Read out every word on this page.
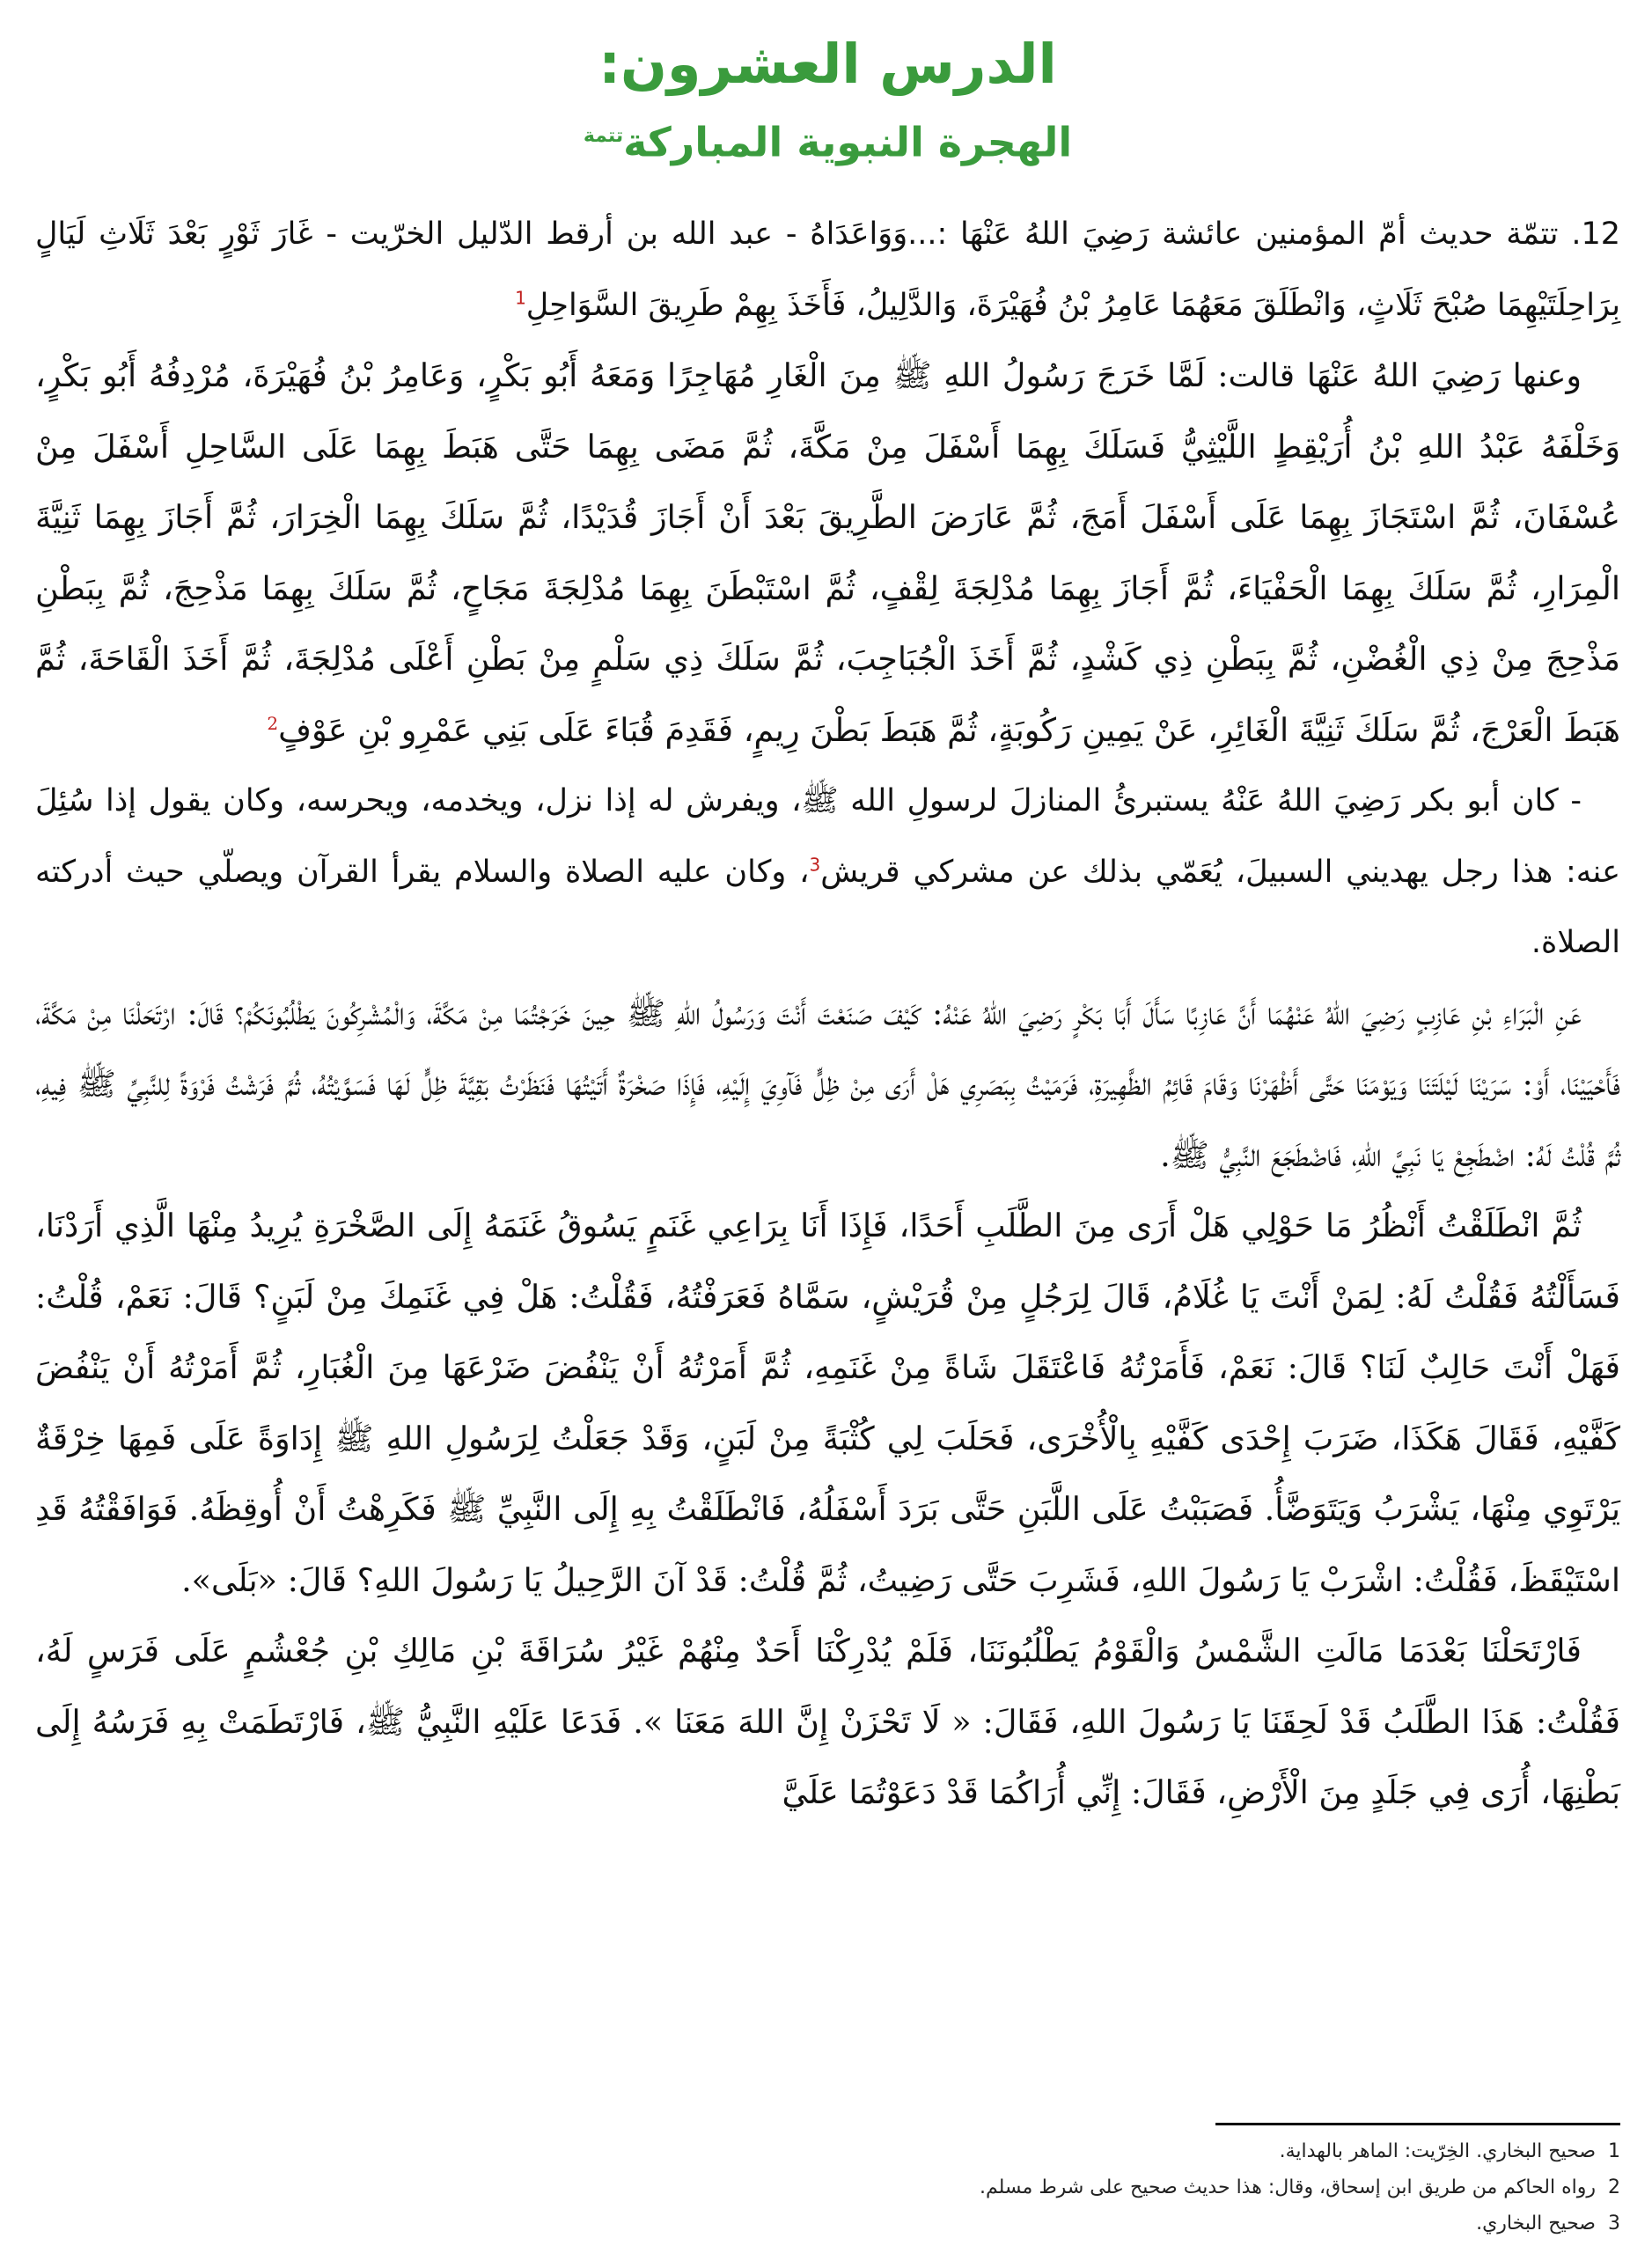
الدرس العشرون:
الهجرة النبوية المباركة$^{تتمة}$

12. تتمّة حديث أمّ المؤمنين عائشة رَضِيَ اللهُ عَنْهَا :...وَوَاعَدَاهُ - عبد الله بن أرقط الدّليل الخرّيت - غَارَ ثَوْرٍ بَعْدَ ثَلَاثِ لَيَالٍ بِرَاحِلَتَيْهِمَا صُبْحَ ثَلَاثٍ، وَانْطَلَقَ مَعَهُمَا عَامِرُ بْنُ فُهَيْرَةَ، وَالدَّلِيلُ، فَأَخَذَ بِهِمْ طَرِيقَ السَّوَاحِلِ$^1$

وعنها رَضِيَ اللهُ عَنْهَا قالت: لَمَّا خَرَجَ رَسُولُ اللهِ ﷺ مِنَ الْغَارِ مُهَاجِرًا وَمَعَهُ أَبُو بَكْرٍ، وَعَامِرُ بْنُ فُهَيْرَةَ، مُرْدِفُهُ أَبُو بَكْرٍ، وَخَلْفَهُ عَبْدُ اللهِ بْنُ أُرَيْقِطٍ اللَّيْثِيُّ فَسَلَكَ بِهِمَا أَسْفَلَ مِنْ مَكَّةَ، ثُمَّ مَضَى بِهِمَا حَتَّى هَبَطَ بِهِمَا عَلَى السَّاحِلِ أَسْفَلَ مِنْ عُسْفَانَ، ثُمَّ اسْتَجَازَ بِهِمَا عَلَى أَسْفَلَ أَمَجَ، ثُمَّ عَارَضَ الطَّرِيقَ بَعْدَ أَنْ أَجَازَ قُدَيْدًا، ثُمَّ سَلَكَ بِهِمَا الْخِرَارَ، ثُمَّ أَجَازَ بِهِمَا ثَنِيَّةَ الْمِرَارِ، ثُمَّ سَلَكَ بِهِمَا الْحَفْيَاءَ، ثُمَّ أَجَازَ بِهِمَا مُدْلِجَةَ لِقْفٍ، ثُمَّ اسْتَبْطَنَ بِهِمَا مُدْلِجَةَ مَجَاحٍ، ثُمَّ سَلَكَ بِهِمَا مَذْحِجَ، ثُمَّ بِبَطْنِ مَذْحِجَ مِنْ ذِي الْغُضْنِ، ثُمَّ بِبَطْنِ ذِي كَشْدٍ، ثُمَّ أَخَذَ الْجُبَاجِبَ، ثُمَّ سَلَكَ ذِي سَلْمٍ مِنْ بَطْنِ أَعْلَى مُدْلِجَةَ، ثُمَّ أَخَذَ الْقَاحَةَ، ثُمَّ هَبَطَ الْعَرْجَ، ثُمَّ سَلَكَ ثَنِيَّةَ الْغَائِرِ، عَنْ يَمِينِ رَكُوبَةٍ، ثُمَّ هَبَطَ بَطْنَ رِيمٍ، فَقَدِمَ قُبَاءَ عَلَى بَنِي عَمْرِو بْنِ عَوْفٍ$^2$

- كان أبو بكر رَضِيَ اللهُ عَنْهُ يستبرئُ المنازلَ لرسولِ الله ﷺ، ويفرش له إذا نزل، ويخدمه، ويحرسه، وكان يقول إذا سُئِلَ عنه: هذا رجل يهديني السبيلَ، يُعَمّي بذلك عن مشركي قريش$^3$، وكان عليه الصلاة والسلام يقرأ القرآن ويصلّي حيث أدركته الصلاة.

عَنِ الْبَرَاءِ بْنِ عَازِبٍ رَضِيَ اللهُ عَنْهُمَا أَنَّ عَازِبًا سَأَلَ أَبَا بَكْرٍ رَضِيَ اللهُ عَنْهُ: كَيْفَ صَنَعْتَ أَنْتَ وَرَسُولُ اللهِ ﷺ حِينَ خَرَجْتُمَا مِنْ مَكَّةَ، وَالْمُشْرِكُونَ يَطْلُبُونَكُمْ؟ قَالَ: ارْتَحَلْنَا مِنْ مَكَّةَ، فَأَحْيَيْنَا، أَوْ: سَرَيْنَا لَيْلَتَنَا وَيَوْمَنَا حَتَّى أَظْهَرْنَا وَقَامَ قَائِمُ الظَّهِيرَةِ، فَرَمَيْتُ بِبَصَرِي هَلْ أَرَى مِنْ ظِلٍّ فَآوِيَ إِلَيْهِ، فَإِذَا صَخْرَةٌ أَتَيْتُهَا فَنَظَرْتُ بَقِيَّةَ ظِلٍّ لَهَا فَسَوَّيْتُهُ، ثُمَّ فَرَشْتُ فَرْوَةً لِلنَّبِيِّ ﷺ فِيهِ، ثُمَّ قُلْتُ لَهُ: اضْطَجِعْ يَا نَبِيَّ اللهِ، فَاضْطَجَعَ النَّبِيُّ ﷺ.

ثُمَّ انْطَلَقْتُ أَنْظُرُ مَا حَوْلِي هَلْ أَرَى مِنَ الطَّلَبِ أَحَدًا، فَإِذَا أَنَا بِرَاعِي غَنَمٍ يَسُوقُ غَنَمَهُ إِلَى الصَّخْرَةِ يُرِيدُ مِنْهَا الَّذِي أَرَدْنَا، فَسَأَلْتُهُ فَقُلْتُ لَهُ: لِمَنْ أَنْتَ يَا غُلَامُ، قَالَ لِرَجُلٍ مِنْ قُرَيْشٍ، سَمَّاهُ فَعَرَفْتُهُ، فَقُلْتُ: هَلْ فِي غَنَمِكَ مِنْ لَبَنٍ؟ قَالَ: نَعَمْ، قُلْتُ: فَهَلْ أَنْتَ حَالِبٌ لَنَا؟ قَالَ: نَعَمْ، فَأَمَرْتُهُ فَاعْتَقَلَ شَاةً مِنْ غَنَمِهِ، ثُمَّ أَمَرْتُهُ أَنْ يَنْفُضَ ضَرْعَهَا مِنَ الْغُبَارِ، ثُمَّ أَمَرْتُهُ أَنْ يَنْفُضَ كَفَّيْهِ، فَقَالَ هَكَذَا، ضَرَبَ إِحْدَى كَفَّيْهِ بِالْأُخْرَى، فَحَلَبَ لِي كُثْبَةً مِنْ لَبَنٍ، وَقَدْ جَعَلْتُ لِرَسُولِ اللهِ ﷺ إِدَاوَةً عَلَى فَمِهَا خِرْقَةٌ يَرْتَوِي مِنْهَا، يَشْرَبُ وَيَتَوَضَّأُ. فَصَبَبْتُ عَلَى اللَّبَنِ حَتَّى بَرَدَ أَسْفَلُهُ، فَانْطَلَقْتُ بِهِ إِلَى النَّبِيِّ ﷺ فَكَرِهْتُ أَنْ أُوقِظَهُ. فَوَافَقْتُهُ قَدِ اسْتَيْقَظَ، فَقُلْتُ: اشْرَبْ يَا رَسُولَ اللهِ، فَشَرِبَ حَتَّى رَضِيتُ، ثُمَّ قُلْتُ: قَدْ آنَ الرَّحِيلُ يَا رَسُولَ اللهِ؟ قَالَ: «بَلَى».

فَارْتَحَلْنَا بَعْدَمَا مَالَتِ الشَّمْسُ وَالْقَوْمُ يَطْلُبُونَنَا، فَلَمْ يُدْرِكْنَا أَحَدٌ مِنْهُمْ غَيْرُ سُرَاقَةَ بْنِ مَالِكِ بْنِ جُعْشُمٍ عَلَى فَرَسٍ لَهُ، فَقُلْتُ: هَذَا الطَّلَبُ قَدْ لَحِقَنَا يَا رَسُولَ اللهِ، فَقَالَ: « لَا تَحْزَنْ إِنَّ اللهَ مَعَنَا ». فَدَعَا عَلَيْهِ النَّبِيُّ ﷺ، فَارْتَطَمَتْ بِهِ فَرَسُهُ إِلَى بَطْنِهَا، أُرَى فِي جَلَدٍ مِنَ الْأَرْضِ، فَقَالَ: إِنِّي أُرَاكُمَا قَدْ دَعَوْتُمَا عَلَيَّ

1صحيح البخاري. الخِرّيت: الماهر بالهداية.
2رواه الحاكم من طريق ابن إسحاق، وقال: هذا حديث صحيح على شرط مسلم.
3صحيح البخاري.
